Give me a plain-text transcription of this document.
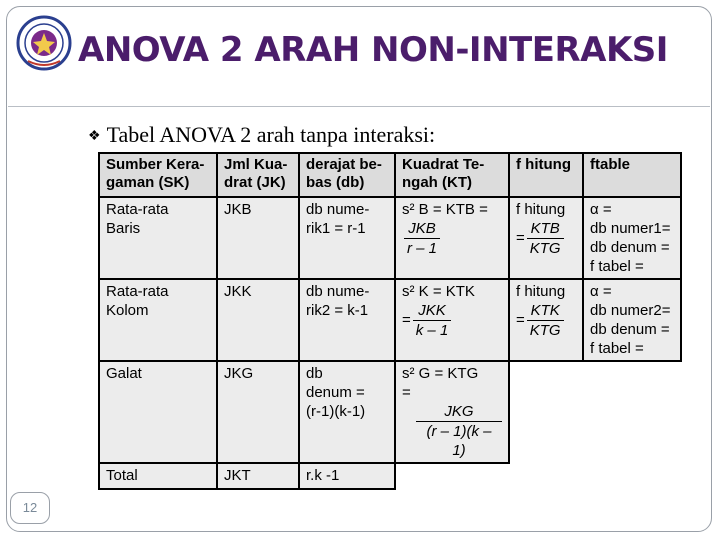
ANOVA 2 ARAH NON-INTERAKSI
❖ Tabel ANOVA 2 arah tanpa interaksi:
Sumber Kera-
gaman (SK)	Jml Kua-
drat (JK)	derajat be-
bas (db)	Kuadrat Te-
ngah (KT)	f hitung	ftable

Rata-rata
Baris	JKB	db nume-
rik1 = r-1	s² B = KTB =
$\frac{\text{JKB}}{r - 1}$	f hitung
= $\frac{\text{KTB}}{\text{KTG}}$	α =
db numer1=
db denum =
f tabel =

Rata-rata
Kolom	JKK	db nume-
rik2 = k-1	s² K = KTK
= $\frac{\text{JKK}}{k - 1}$	f hitung
= $\frac{\text{KTK}}{\text{KTG}}$	α =
db numer2=
db denum =
f tabel =

Galat	JKG	db
denum =
(r-1)(k-1)	s² G = KTG
=
$\frac{\text{JKG}}{(r - 1)(k - 1)}$

Total	JKT	r.k -1			

12
